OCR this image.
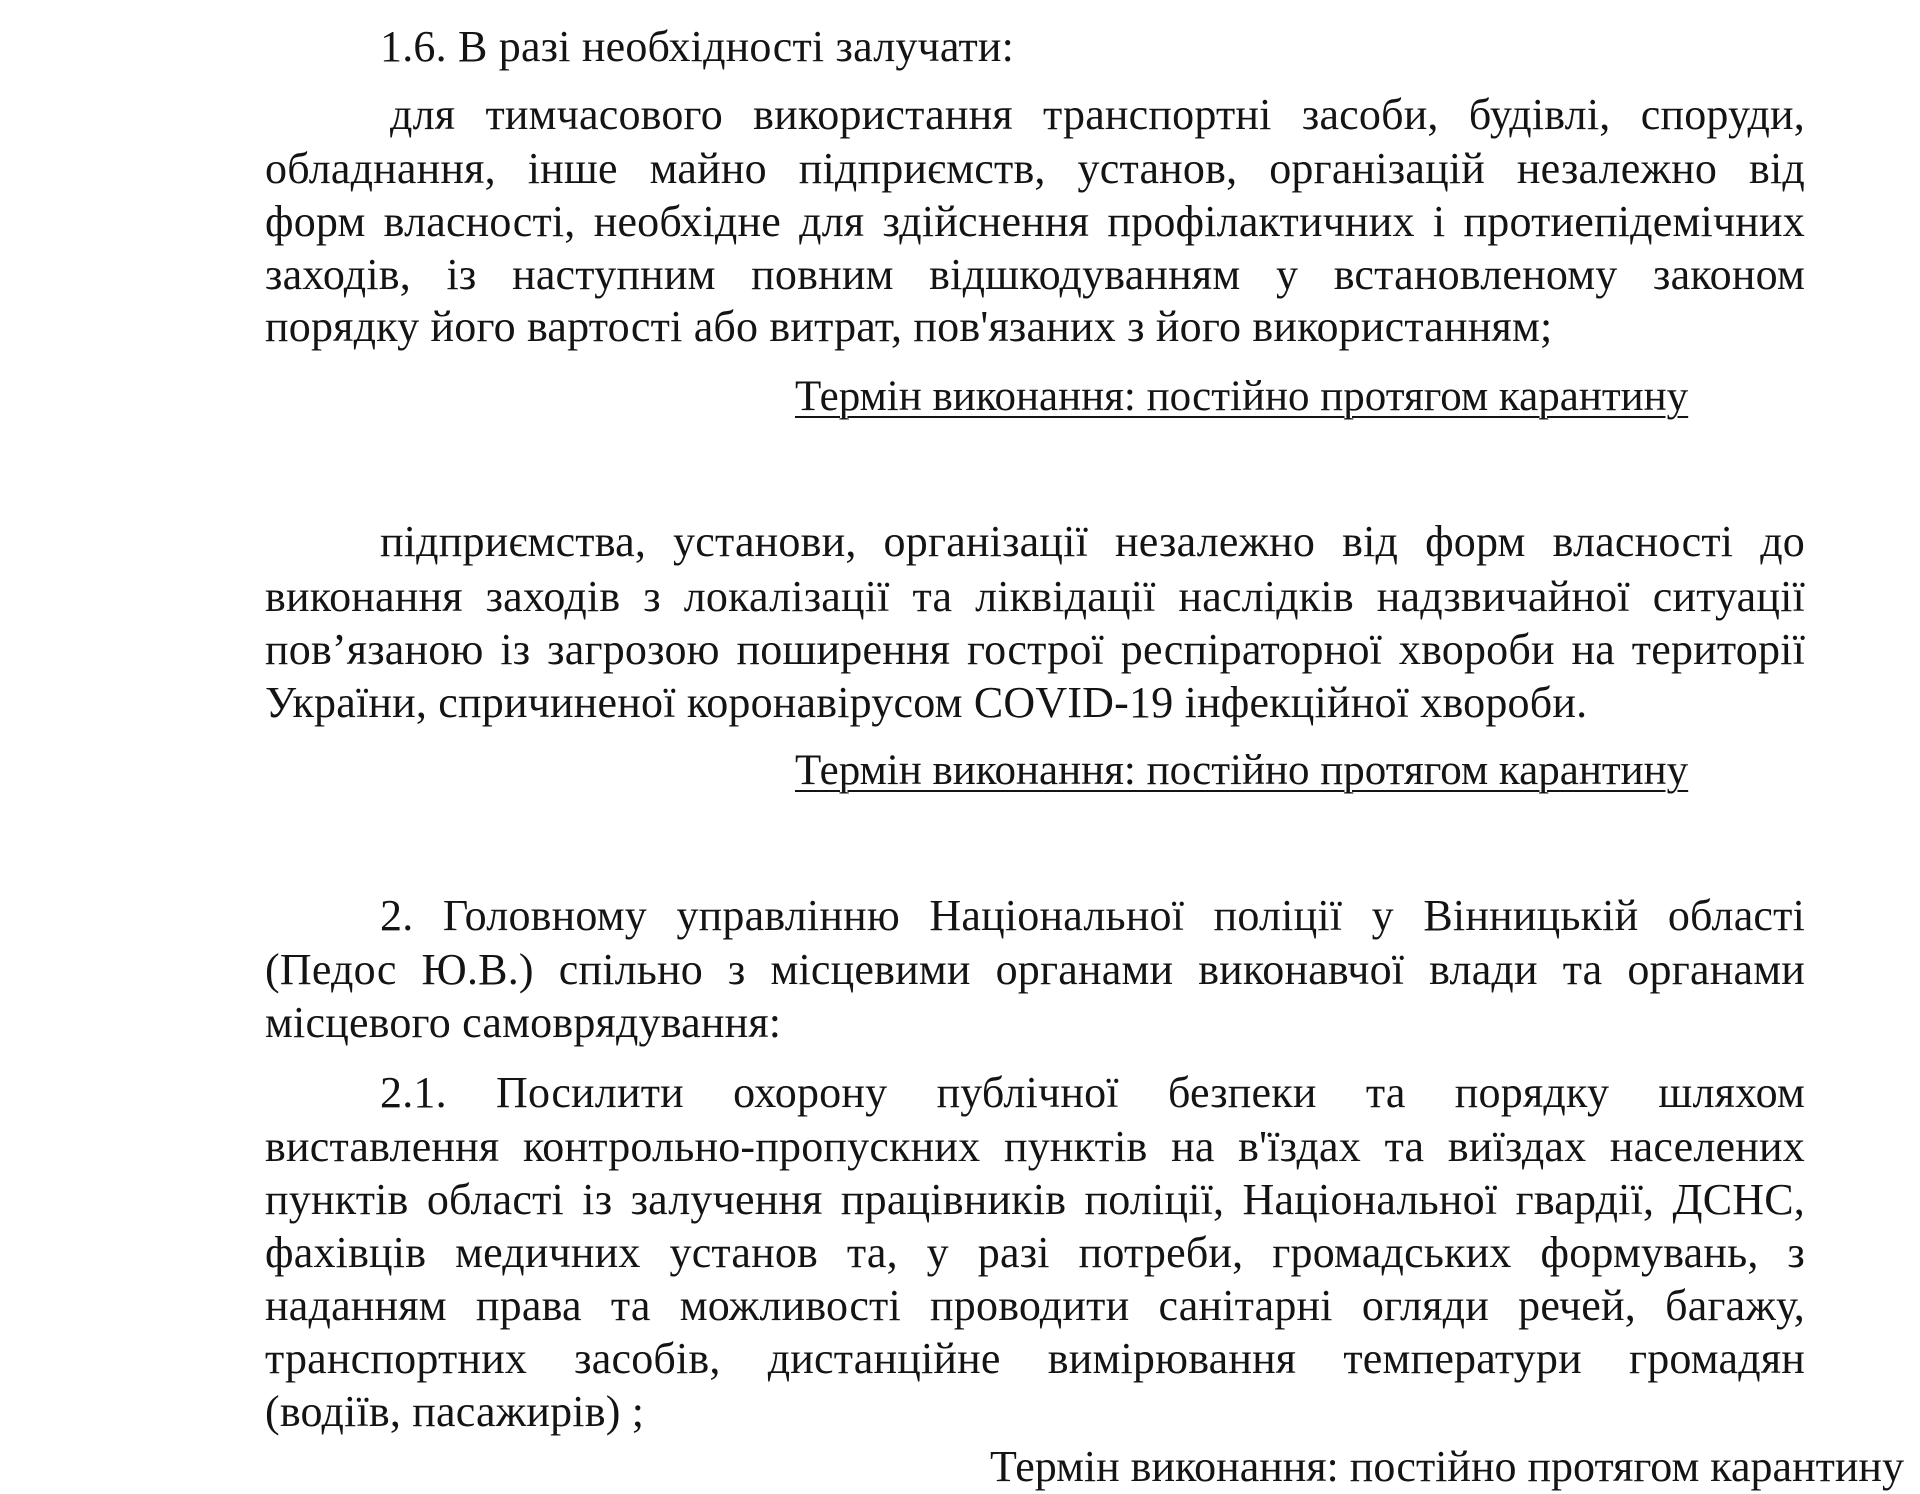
1.6. В разі необхідності залучати:
для тимчасового використання транспортні засоби, будівлі, споруди,
обладнання, інше майно підприємств, установ, організацій незалежно від
форм власності, необхідне для здійснення профілактичних і протиепідемічних
заходів, із наступним повним відшкодуванням у встановленому законом
порядку його вартості або витрат, пов'язаних з його використанням;
Термін виконання: постійно протягом карантину
підприємства, установи, організації незалежно від форм власності до
виконання заходів з локалізації та ліквідації наслідків надзвичайної ситуації
пов’язаною із загрозою поширення гострої респіраторної хвороби на території
України, спричиненої коронавірусом COVID-19 інфекційної хвороби.
Термін виконання: постійно протягом карантину
2. Головному управлінню Національної поліції у Вінницькій області
(Педос Ю.В.) спільно з місцевими органами виконавчої влади та органами
місцевого самоврядування:
2.1. Посилити охорону публічної безпеки та порядку шляхом
виставлення контрольно-пропускних пунктів на в'їздах та виїздах населених
пунктів області із залучення працівників поліції, Національної гвардії, ДСНС,
фахівців медичних установ та, у разі потреби, громадських формувань, з
наданням права та можливості проводити санітарні огляди речей, багажу,
транспортних засобів, дистанційне вимірювання температури громадян
(водіїв, пасажирів) ;
Термін виконання: постійно протягом карантину
